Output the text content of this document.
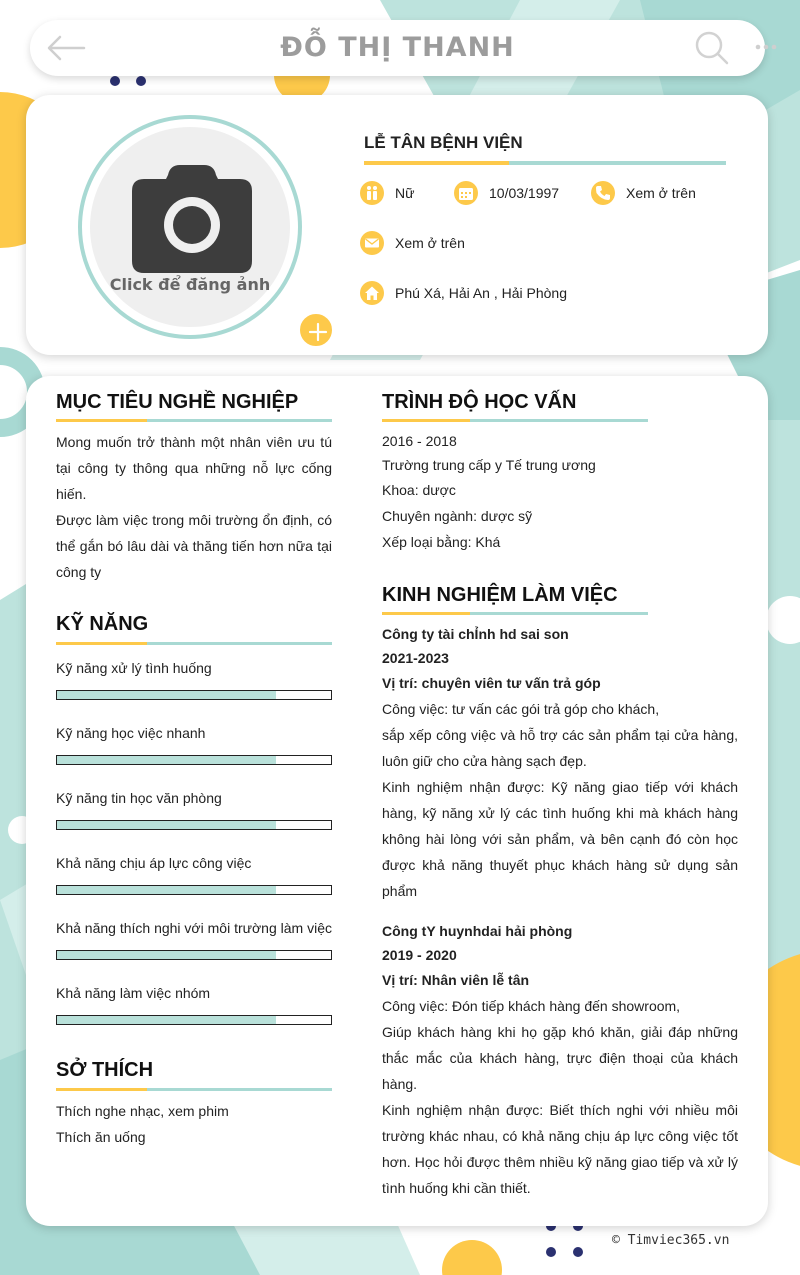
ĐỖ THỊ THANH
Click để đăng ảnh
LỄ TÂN BỆNH VIỆN
Nữ	10/03/1997	Xem ở trên
Xem ở trên
Phú Xá, Hải An , Hải Phòng
MỤC TIÊU NGHỀ NGHIỆP

Mong muốn trở thành một nhân viên ưu tú tại công ty thông qua những nỗ lực cống hiến.

Được làm việc trong môi trường ổn định, có thể gắn bó lâu dài và thăng tiến hơn nữa tại công ty

KỸ NĂNG
Kỹ năng xử lý tình huống
Kỹ năng học việc nhanh
Kỹ năng tin học văn phòng
Khả năng chịu áp lực công việc
Khả năng thích nghi với môi trường làm việc
Khả năng làm việc nhóm
SỞ THÍCH
Thích nghe nhạc, xem phim
Thích ăn uống
TRÌNH ĐỘ HỌC VẤN
2016 - 2018
Trường trung cấp y Tế trung ương
Khoa: dược
Chuyên ngành: dược sỹ
Xếp loại bằng: Khá
KINH NGHIỆM LÀM VIỆC
Công ty tài chỈnh hd sai son
2021-2023
Vị trí: chuyên viên tư vấn trả góp

Công việc: tư vấn các gói trả góp cho khách,

sắp xếp công việc và hỗ trợ các sản phẩm tại cửa hàng, luôn giữ cho cửa hàng sạch đẹp.

Kinh nghiệm nhận được: Kỹ năng giao tiếp với khách hàng, kỹ năng xử lý các tình huống khi mà khách hàng không hài lòng với sản phẩm, và bên cạnh đó còn học được khả năng thuyết phục khách hàng sử dụng sản phẩm

Công tY huynhdai hải phòng
2019 - 2020
Vị trí: Nhân viên lễ tân

Công việc: Đón tiếp khách hàng đến showroom,

Giúp khách hàng khi họ gặp khó khăn, giải đáp những thắc mắc của khách hàng, trực điện thoại của khách hàng.

Kinh nghiệm nhận được: Biết thích nghi với nhiều môi trường khác nhau, có khả năng chịu áp lực công việc tốt hơn. Học hỏi được thêm nhiều kỹ năng giao tiếp và xử lý tình huống khi cần thiết.

© Timviec365.vn
